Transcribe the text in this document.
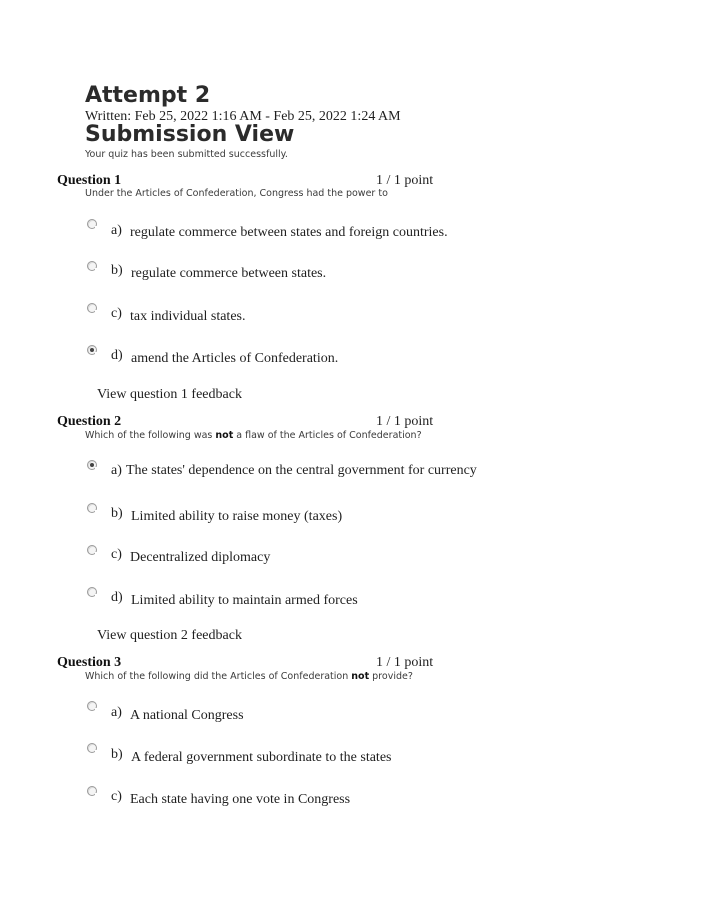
Attempt 2
Written: Feb 25, 2022 1:16 AM - Feb 25, 2022 1:24 AM
Submission View
Your quiz has been submitted successfully.
Question 1	1 / 1 point
Under the Articles of Confederation, Congress had the power to
a) regulate commerce between states and foreign countries.
b) regulate commerce between states.
c) tax individual states.
d) amend the Articles of Confederation.
View question 1 feedback
Question 2	1 / 1 point
Which of the following was not a flaw of the Articles of Confederation?
a) The states' dependence on the central government for currency
b) Limited ability to raise money (taxes)
c) Decentralized diplomacy
d) Limited ability to maintain armed forces
View question 2 feedback
Question 3	1 / 1 point
Which of the following did the Articles of Confederation not provide?
a) A national Congress
b) A federal government subordinate to the states
c) Each state having one vote in Congress
